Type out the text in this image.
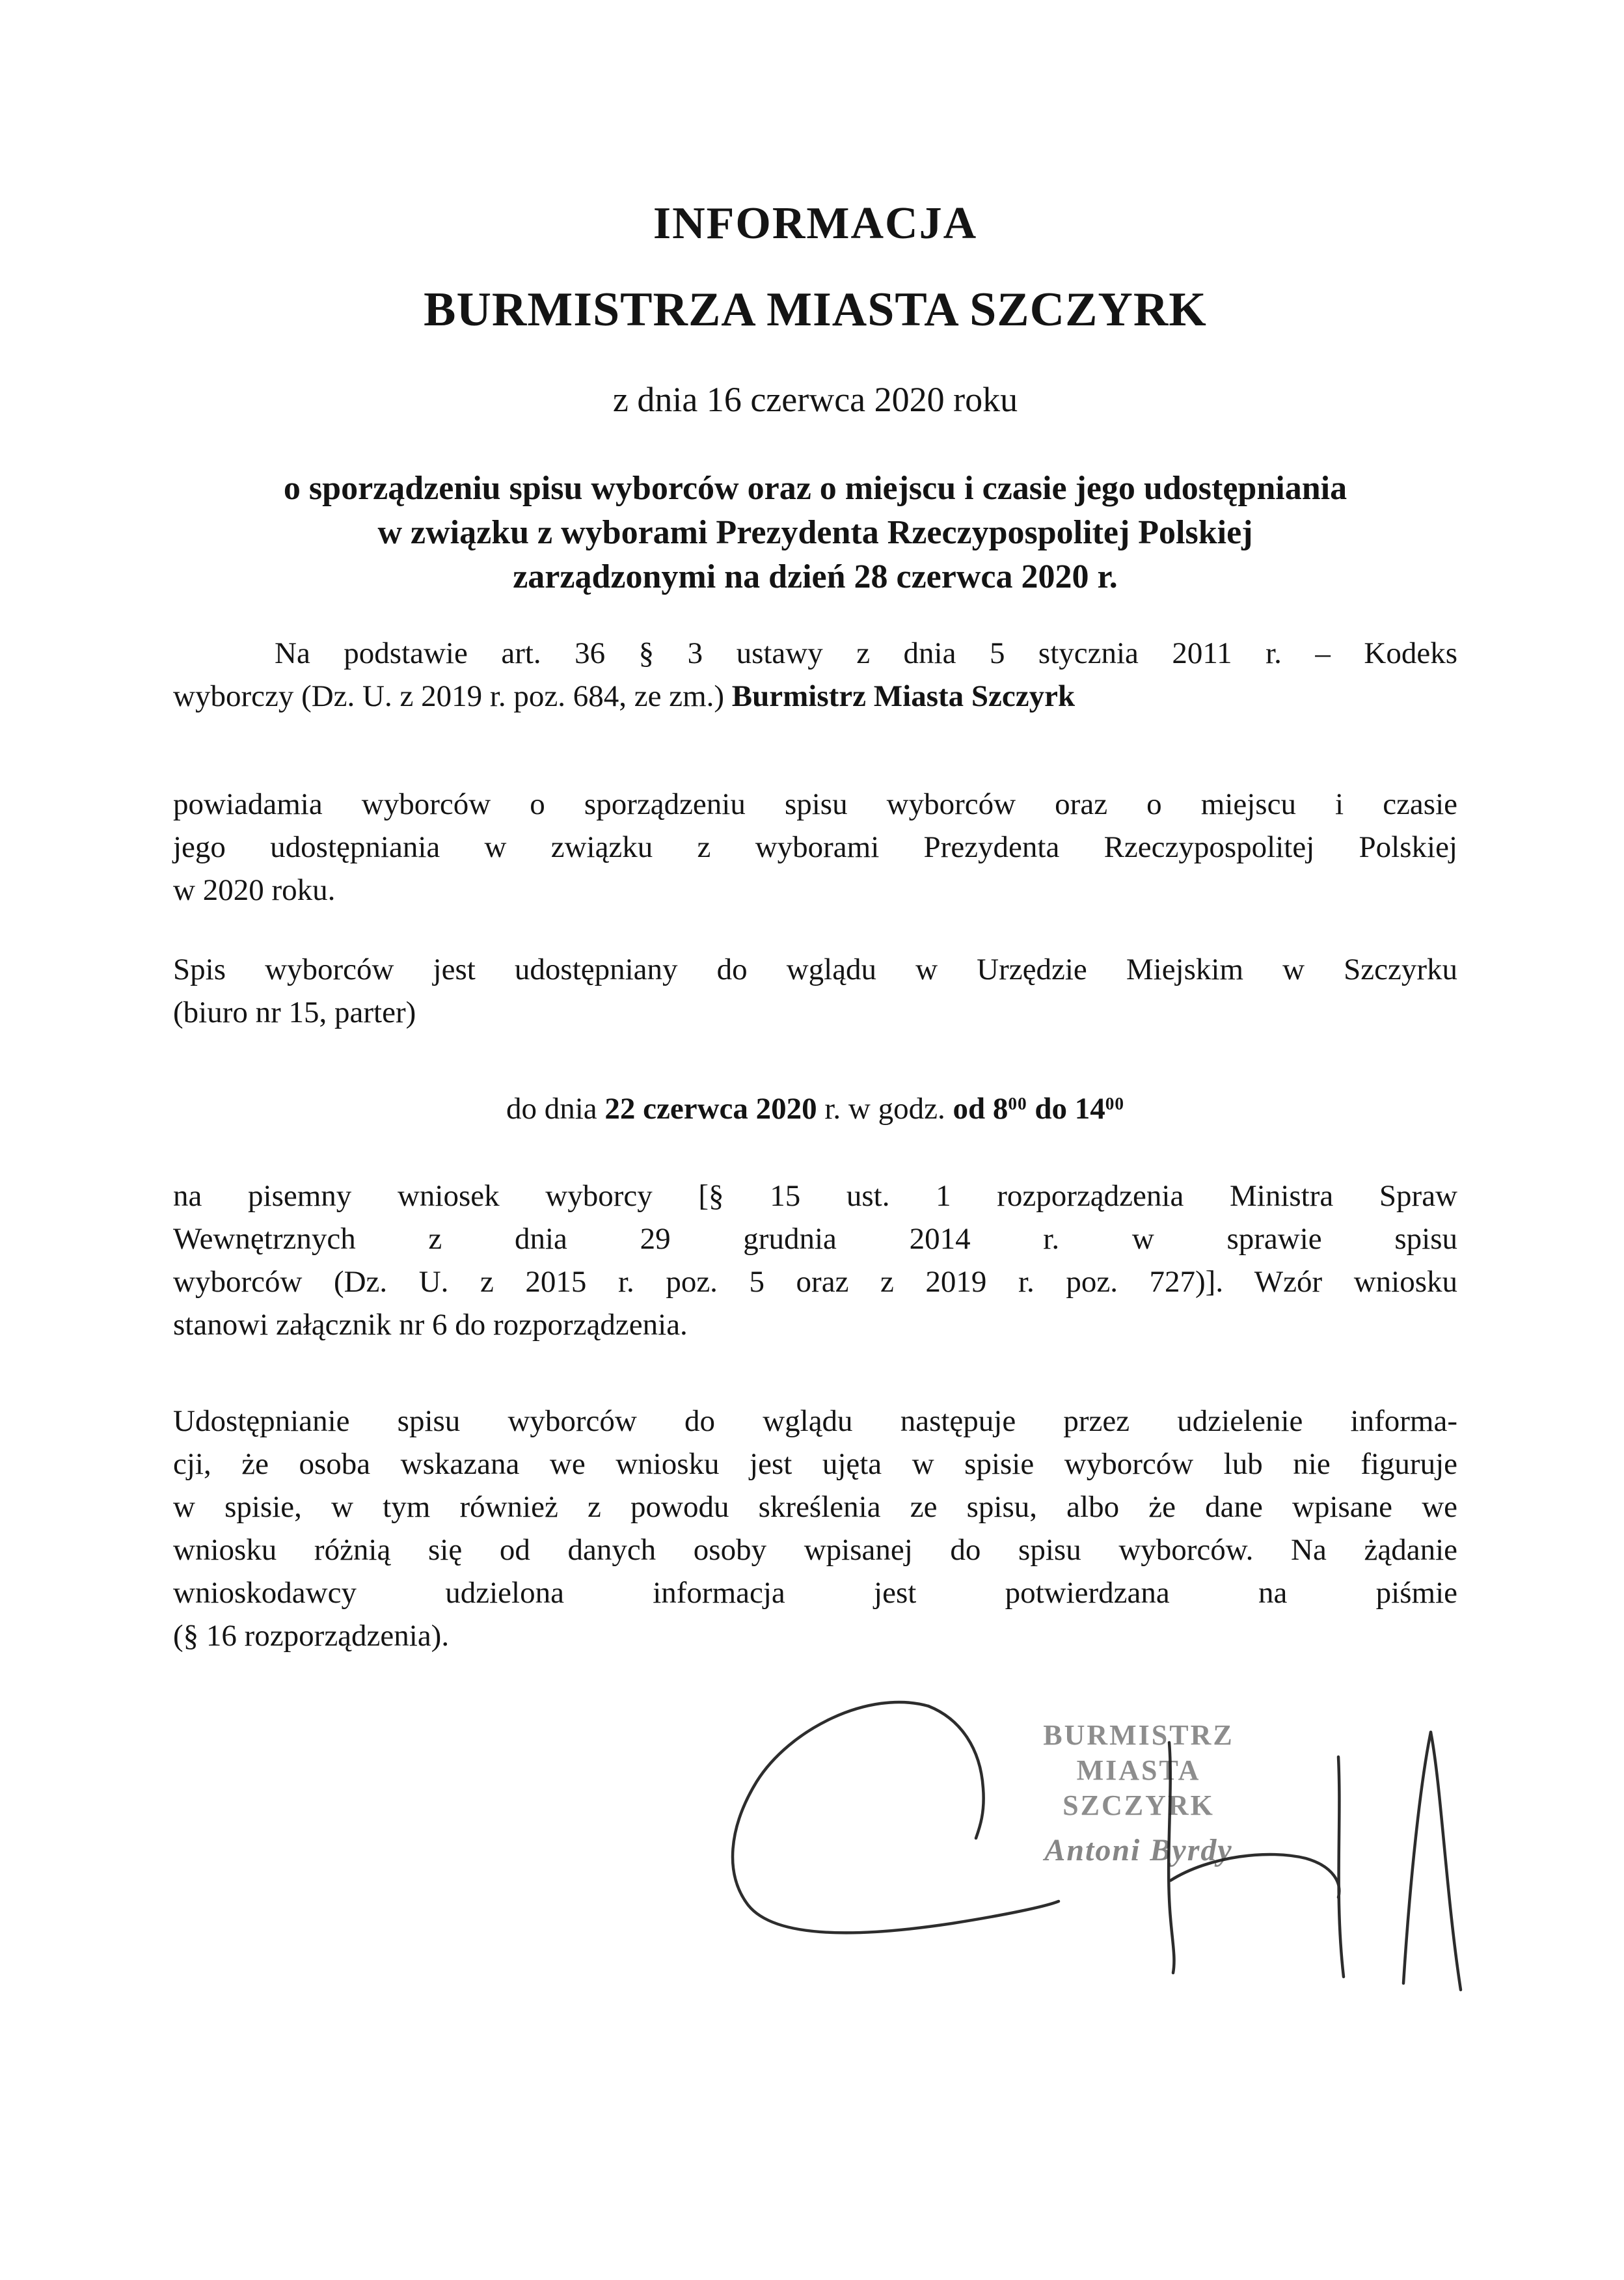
INFORMACJA
BURMISTRZA MIASTA SZCZYRK
z dnia 16 czerwca 2020 roku
o sporządzeniu spisu wyborców oraz o miejscu i czasie jego udostępniania
w związku z wyborami Prezydenta Rzeczypospolitej Polskiej
zarządzonymi na dzień 28 czerwca 2020 r.
Na podstawie art. 36 § 3 ustawy z dnia 5 stycznia 2011 r. – Kodeks
wyborczy (Dz. U. z 2019 r. poz. 684, ze zm.) Burmistrz Miasta Szczyrk
powiadamia wyborców o sporządzeniu spisu wyborców oraz o miejscu i czasie
jego udostępniania w związku z wyborami Prezydenta Rzeczypospolitej Polskiej
w 2020 roku.
Spis wyborców jest udostępniany do wglądu w Urzędzie Miejskim w Szczyrku
(biuro nr 15, parter)
do dnia 22 czerwca 2020 r. w godz. od $8^{00}$ do $14^{00}$
na pisemny wniosek wyborcy [§ 15 ust. 1 rozporządzenia Ministra Spraw
Wewnętrznych z dnia 29 grudnia 2014 r. w sprawie spisu
wyborców (Dz. U. z 2015 r. poz. 5 oraz z 2019 r. poz. 727)]. Wzór wniosku
stanowi załącznik nr 6 do rozporządzenia.
Udostępnianie spisu wyborców do wglądu następuje przez udzielenie informa-
cji, że osoba wskazana we wniosku jest ujęta w spisie wyborców lub nie figuruje
w spisie, w tym również z powodu skreślenia ze spisu, albo że dane wpisane we
wniosku różnią się od danych osoby wpisanej do spisu wyborców. Na żądanie
wnioskodawcy udzielona informacja jest potwierdzana na piśmie
(§ 16 rozporządzenia).
BURMISTRZ MIASTA
SZCZYRK
Antoni Byrdy
